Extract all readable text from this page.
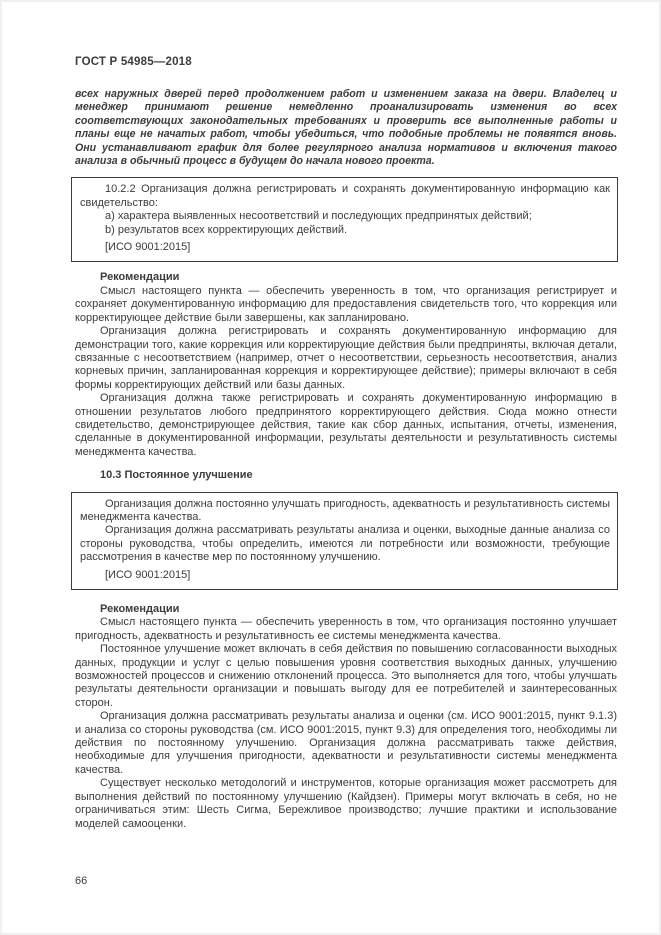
ГОСТ Р 54985—2018

всех наружных дверей перед продолжением работ и изменением заказа на двери. Владелец и менеджер принимают решение немедленно проанализировать изменения во всех соответствующих законодательных требованиях и проверить все выполненные работы и планы еще не начатых работ, чтобы убедиться, что подобные проблемы не появятся вновь. Они устанавливают график для более регулярного анализа нормативов и включения такого анализа в обычный процесс в будущем до начала нового проекта.

10.2.2 Организация должна регистрировать и сохранять документированную информацию как свидетельство:

a) характера выявленных несоответствий и последующих предпринятых действий;

b) результатов всех корректирующих действий.

[ИСО 9001:2015]

Рекомендации

Смысл настоящего пункта — обеспечить уверенность в том, что организация регистрирует и сохраняет документированную информацию для предоставления свидетельств того, что коррекция или корректирующее действие были завершены, как запланировано.

Организация должна регистрировать и сохранять документированную информацию для демонстрации того, какие коррекция или корректирующие действия были предприняты, включая детали, связанные с несоответствием (например, отчет о несоответствии, серьезность несоответствия, анализ корневых причин, запланированная коррекция и корректирующее действие); примеры включают в себя формы корректирующих действий или базы данных.

Организация должна также регистрировать и сохранять документированную информацию в отношении результатов любого предпринятого корректирующего действия. Сюда можно отнести свидетельство, демонстрирующее действия, такие как сбор данных, испытания, отчеты, изменения, сделанные в документированной информации, результаты деятельности и результативность системы менеджмента качества.

10.3 Постоянное улучшение

Организация должна постоянно улучшать пригодность, адекватность и результативность системы менеджмента качества.

Организация должна рассматривать результаты анализа и оценки, выходные данные анализа со стороны руководства, чтобы определить, имеются ли потребности или возможности, требующие рассмотрения в качестве мер по постоянному улучшению.

[ИСО 9001:2015]

Рекомендации

Смысл настоящего пункта — обеспечить уверенность в том, что организация постоянно улучшает пригодность, адекватность и результативность ее системы менеджмента качества.

Постоянное улучшение может включать в себя действия по повышению согласованности выходных данных, продукции и услуг с целью повышения уровня соответствия выходных данных, улучшению возможностей процессов и снижению отклонений процесса. Это выполняется для того, чтобы улучшать результаты деятельности организации и повышать выгоду для ее потребителей и заинтересованных сторон.

Организация должна рассматривать результаты анализа и оценки (см. ИСО 9001:2015, пункт 9.1.3) и анализа со стороны руководства (см. ИСО 9001:2015, пункт 9.3) для определения того, необходимы ли действия по постоянному улучшению. Организация должна рассматривать также действия, необходимые для улучшения пригодности, адекватности и результативности системы менеджмента качества.

Существует несколько методологий и инструментов, которые организация может рассмотреть для выполнения действий по постоянному улучшению (Кайдзен). Примеры могут включать в себя, но не ограничиваться этим: Шесть Сигма, Бережливое производство; лучшие практики и использование моделей самооценки.

66
